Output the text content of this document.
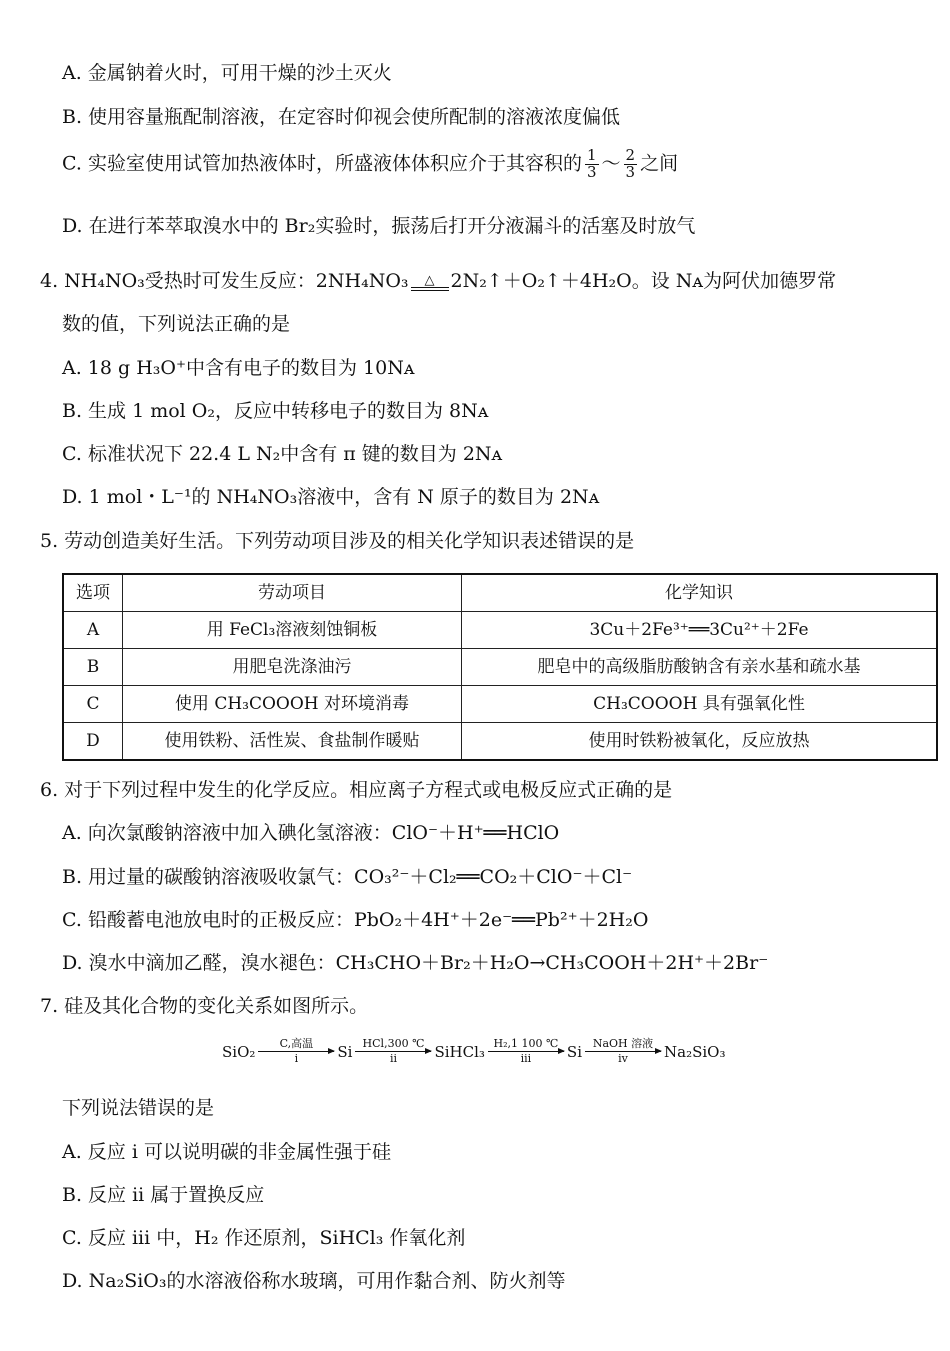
A. 金属钠着火时，可用干燥的沙土灭火
B. 使用容量瓶配制溶液，在定容时仰视会使所配制的溶液浓度偏低
C. 实验室使用试管加热液体时，所盛液体体积应介于其容积的 $\frac{1}{3}$ ～ $\frac{2}{3}$ 之间
D. 在进行苯萃取溴水中的 Br₂实验时，振荡后打开分液漏斗的活塞及时放气
4. NH₄NO₃受热时可发生反应：2NH₄NO₃ △ 2N₂↑＋O₂↑＋4H₂O。设 Nᴀ为阿伏加德罗常
数的值，下列说法正确的是
A. 18 g H₃O⁺中含有电子的数目为 10Nᴀ
B. 生成 1 mol O₂，反应中转移电子的数目为 8Nᴀ
C. 标准状况下 22.4 L N₂中含有 π 键的数目为 2Nᴀ
D. 1 mol・L⁻¹的 NH₄NO₃溶液中，含有 N 原子的数目为 2Nᴀ
5. 劳动创造美好生活。下列劳动项目涉及的相关化学知识表述错误的是
选项	劳动项目	化学知识
A	用 FeCl₃溶液刻蚀铜板	3Cu＋2Fe³⁺══3Cu²⁺＋2Fe
B	用肥皂洗涤油污	肥皂中的高级脂肪酸钠含有亲水基和疏水基
C	使用 CH₃COOOH 对环境消毒	CH₃COOOH 具有强氧化性
D	使用铁粉、活性炭、食盐制作暖贴	使用时铁粉被氧化，反应放热
6. 对于下列过程中发生的化学反应。相应离子方程式或电极反应式正确的是
A. 向次氯酸钠溶液中加入碘化氢溶液：ClO⁻＋H⁺══HClO
B. 用过量的碳酸钠溶液吸收氯气：CO₃²⁻＋Cl₂══CO₂＋ClO⁻＋Cl⁻
C. 铅酸蓄电池放电时的正极反应：PbO₂＋4H⁺＋2e⁻══Pb²⁺＋2H₂O
D. 溴水中滴加乙醛，溴水褪色：CH₃CHO＋Br₂＋H₂O→CH₃COOH＋2H⁺＋2Br⁻
7. 硅及其化合物的变化关系如图所示。
SiO₂ C,高温
i	Si HCl,300 ℃
ii SiHCl₃ H₂,1 100 ℃
iii Si NaOH 溶液
iv Na₂SiO₃
下列说法错误的是
A. 反应 i 可以说明碳的非金属性强于硅
B. 反应 ii 属于置换反应
C. 反应 iii 中，H₂ 作还原剂，SiHCl₃ 作氧化剂
D. Na₂SiO₃的水溶液俗称水玻璃，可用作黏合剂、防火剂等
